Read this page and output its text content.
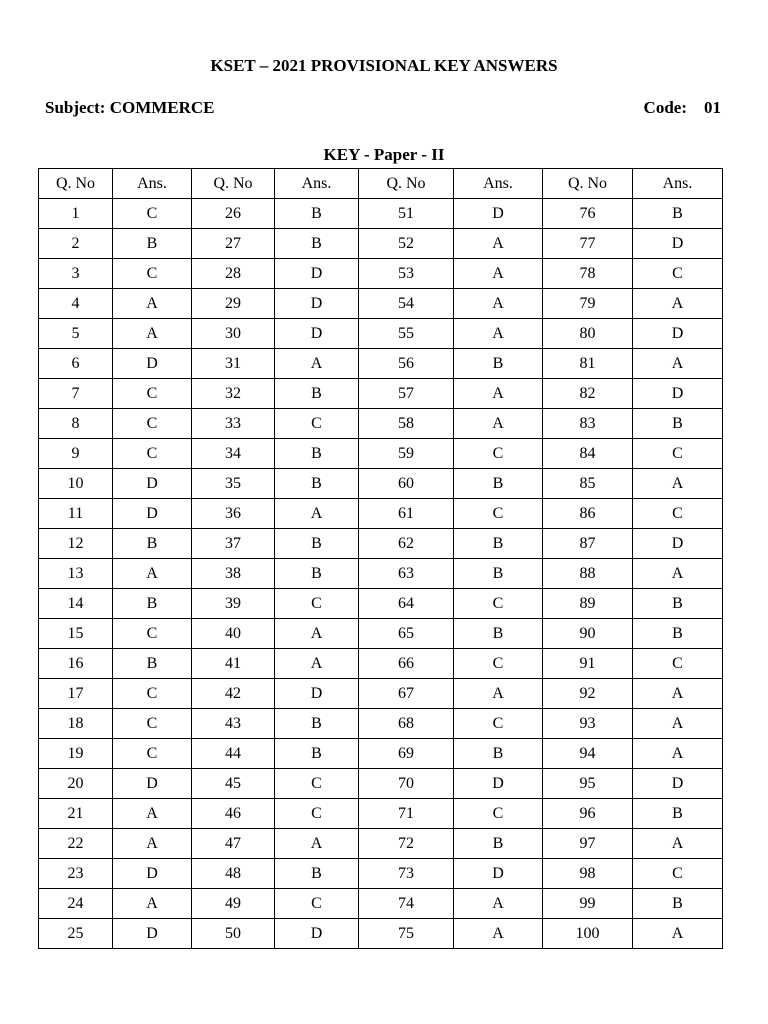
KSET – 2021 PROVISIONAL KEY ANSWERS
Subject: COMMERCE	Code:    01
KEY - Paper - II
Q. No	Ans.	Q. No	Ans.	Q. No	Ans.	Q. No	Ans.
1	C	26	B	51	D	76	B
2	B	27	B	52	A	77	D
3	C	28	D	53	A	78	C
4	A	29	D	54	A	79	A
5	A	30	D	55	A	80	D
6	D	31	A	56	B	81	A
7	C	32	B	57	A	82	D
8	C	33	C	58	A	83	B
9	C	34	B	59	C	84	C
10	D	35	B	60	B	85	A
11	D	36	A	61	C	86	C
12	B	37	B	62	B	87	D
13	A	38	B	63	B	88	A
14	B	39	C	64	C	89	B
15	C	40	A	65	B	90	B
16	B	41	A	66	C	91	C
17	C	42	D	67	A	92	A
18	C	43	B	68	C	93	A
19	C	44	B	69	B	94	A
20	D	45	C	70	D	95	D
21	A	46	C	71	C	96	B
22	A	47	A	72	B	97	A
23	D	48	B	73	D	98	C
24	A	49	C	74	A	99	B
25	D	50	D	75	A	100	A
